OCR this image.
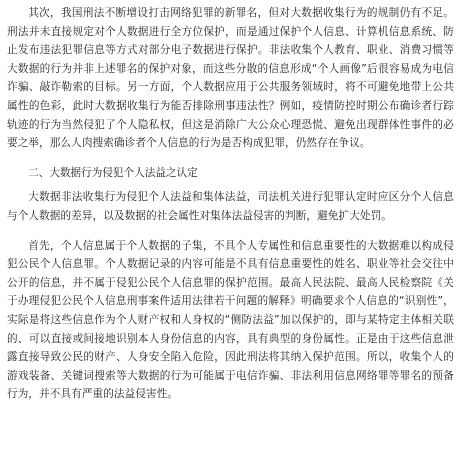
其次，我国刑法不断增设打击网络犯罪的新罪名，但对大数据收集行为的规制仍有不足。刑法并未直接规定对个人数据进行全方位保护，而是通过保护个人信息、计算机信息系统、防止发布违法犯罪信息等方式对部分电子数据进行保护。非法收集个人教育、职业、消费习惯等大数据的行为并非上述罪名的保护对象，而这些分散的信息形成“个人画像”后很容易成为电信诈骗、敲诈勒索的目标。另一方面，个人数据应用于公共服务领域时，将不可避免地带上公共属性的色彩，此时大数据收集行为能否排除刑事违法性？例如，疫情防控时期公布确诊者行踪轨迹的行为当然侵犯了个人隐私权，但这是消除广大公众心理恐慌、避免出现群体性事件的必要之举，那么人肉搜索确诊者个人信息的行为是否构成犯罪，仍然存在争议。

二、大数据行为侵犯个人法益之认定

大数据非法收集行为侵犯个人法益和集体法益，司法机关进行犯罪认定时应区分个人信息与个人数据的差异，以及数据的社会属性对集体法益侵害的判断，避免扩大处罚。

首先，个人信息属于个人数据的子集，不具个人专属性和信息重要性的大数据难以构成侵犯公民个人信息罪。个人数据记录的内容可能是不具有信息重要性的姓名、职业等社会交往中公开的信息，并不属于侵犯公民个人信息罪的保护范围。最高人民法院、最高人民检察院《关于办理侵犯公民个人信息刑事案件适用法律若干问题的解释》明确要求个人信息的“识别性”，实际是将这些信息作为个人财产权和人身权的“侧防法益”加以保护的，即与某特定主体相关联的、可以直接或间接地识别本人身份信息的内容，具有典型的身份属性。正是由于这些信息泄露直接导致公民的财产、人身安全陷入危险，因此刑法将其纳入保护范围。所以，收集个人的游戏装备、关键词搜索等大数据的行为可能属于电信诈骗、非法利用信息网络罪等罪名的预备行为，并不具有严重的法益侵害性。
